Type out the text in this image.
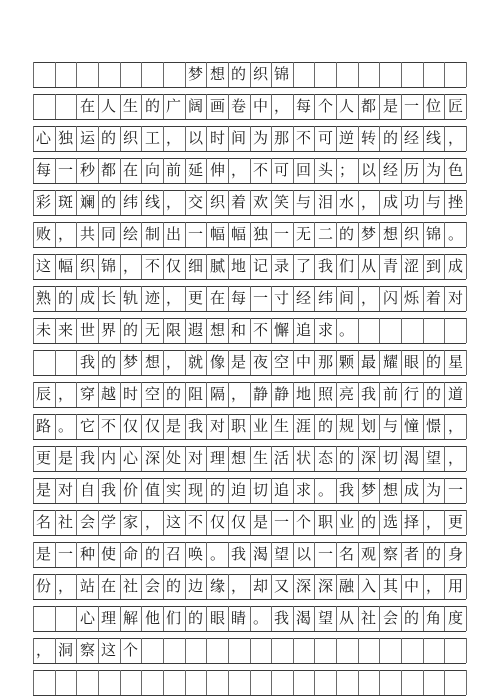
梦 想 的 织 锦
在 人 生 的 广 阔 画 卷 中 ， 每 个 人 都 是 一 位 匠
心 独 运 的 织 工 ， 以 时 间 为 那 不 可 逆 转 的 经 线 ，
每 一 秒 都 在 向 前 延 伸 ， 不 可 回 头 ； 以 经 历 为 色
彩 斑 斓 的 纬 线 ， 交 织 着 欢 笑 与 泪 水 ， 成 功 与 挫
败 ， 共 同 绘 制 出 一 幅 幅 独 一 无 二 的 梦 想 织 锦 。
这 幅 织 锦 ， 不 仅 细 腻 地 记 录 了 我 们 从 青 涩 到 成
熟 的 成 长 轨 迹 ， 更 在 每 一 寸 经 纬 间 ， 闪 烁 着 对
未 来 世 界 的 无 限 遐 想 和 不 懈 追 求 。
我 的 梦 想 ， 就 像 是 夜 空 中 那 颗 最 耀 眼 的 星
辰 ， 穿 越 时 空 的 阻 隔 ， 静 静 地 照 亮 我 前 行 的 道
路 。 它 不 仅 仅 是 我 对 职 业 生 涯 的 规 划 与 憧 憬 ，
更 是 我 内 心 深 处 对 理 想 生 活 状 态 的 深 切 渴 望 ，
是 对 自 我 价 值 实 现 的 迫 切 追 求 。 我 梦 想 成 为 一
名 社 会 学 家 ， 这 不 仅 仅 是 一 个 职 业 的 选 择 ， 更
是 一 种 使 命 的 召 唤 。 我 渴 望 以 一 名 观 察 者 的 身
份 ， 站 在 社 会 的 边 缘 ， 却 又 深 深 融 入 其 中 ， 用
心 理 解 他 们 的 眼 睛 。 我 渴 望 从 社 会 的 角 度
， 洞 察 这 个
